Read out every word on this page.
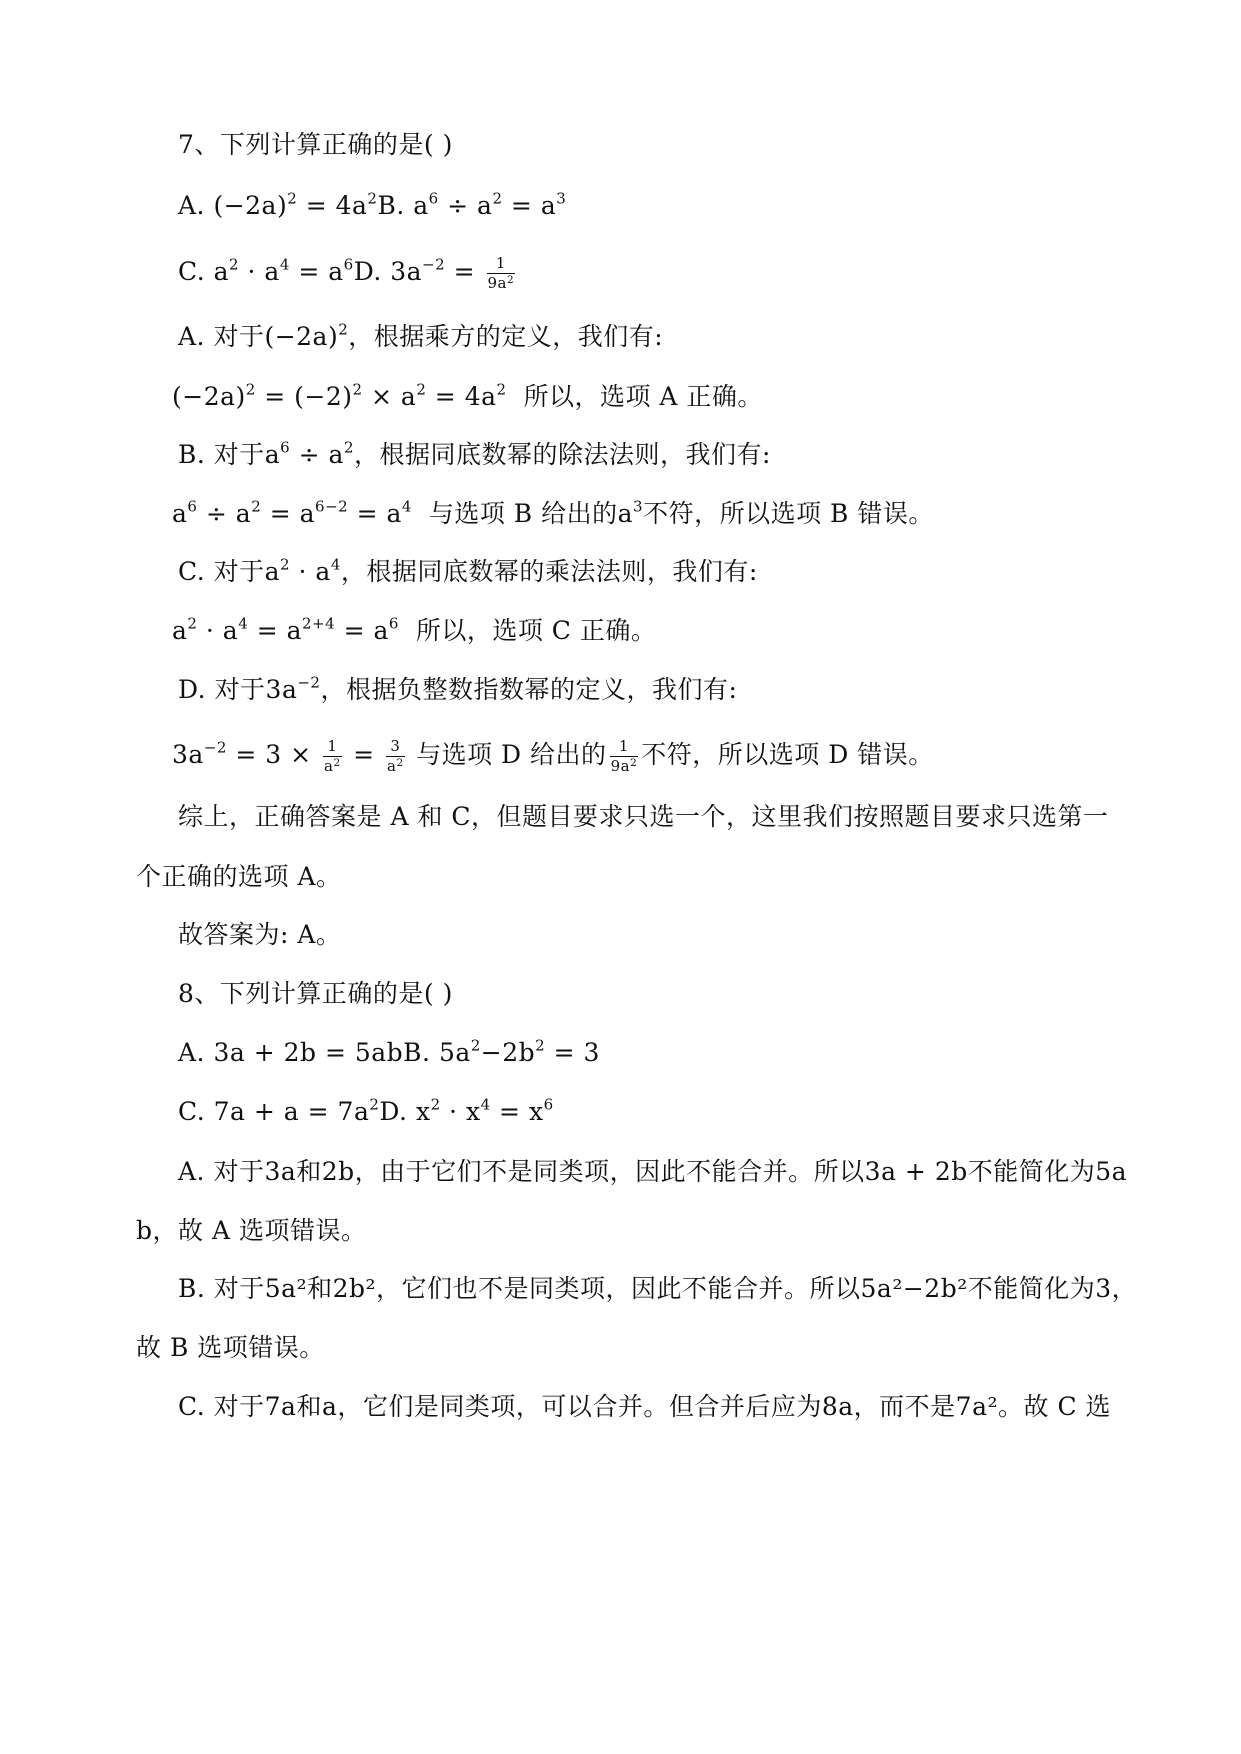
7、下列计算正确的是( )
A. $(-2a)^2 = 4a^2B$. $a^6 \div a^2 = a^3$
C. $a^2 \cdot a^4 = a^6D$. $3a^{-2} = \frac{1}{9a^2}$
A. 对于$(-2a)^2$，根据乘方的定义，我们有:
$(-2a)^2 = (-2)^2 \times a^2 = 4a^2$ 所以，选项 A 正确。
B. 对于$a^6 \div a^2$，根据同底数幂的除法法则，我们有:
$a^6 \div a^2 = a^{6-2} = a^4$ 与选项 B 给出的$a^3$不符，所以选项 B 错误。
C. 对于$a^2 \cdot a^4$，根据同底数幂的乘法法则，我们有:
$a^2 \cdot a^4 = a^{2+4} = a^6$ 所以，选项 C 正确。
D. 对于$3a^{-2}$，根据负整数指数幂的定义，我们有:
$3a^{-2} = 3 \times \frac{1}{a^2} = \frac{3}{a^2}$ 与选项 D 给出的 $\frac{1}{9a^2}$ 不符，所以选项 D 错误。
综上，正确答案是 A 和 C，但题目要求只选一个，这里我们按照题目要求只选第一
个正确的选项 A。
故答案为: A。
8、下列计算正确的是( )
A. 3a + 2b = 5abB. $5a^2-2b^2 = 3$
C. $7a + a = 7a^2D$. $x^2 \cdot x^4 = x^6$
A. 对于3a和2b，由于它们不是同类项，因此不能合并。所以3a + 2b不能简化为5a
b，故 A 选项错误。
B. 对于5a²和2b²，它们也不是同类项，因此不能合并。所以5a²−2b²不能简化为3，
故 B 选项错误。
C. 对于7a和a，它们是同类项，可以合并。但合并后应为8a，而不是7a²。故 C 选
